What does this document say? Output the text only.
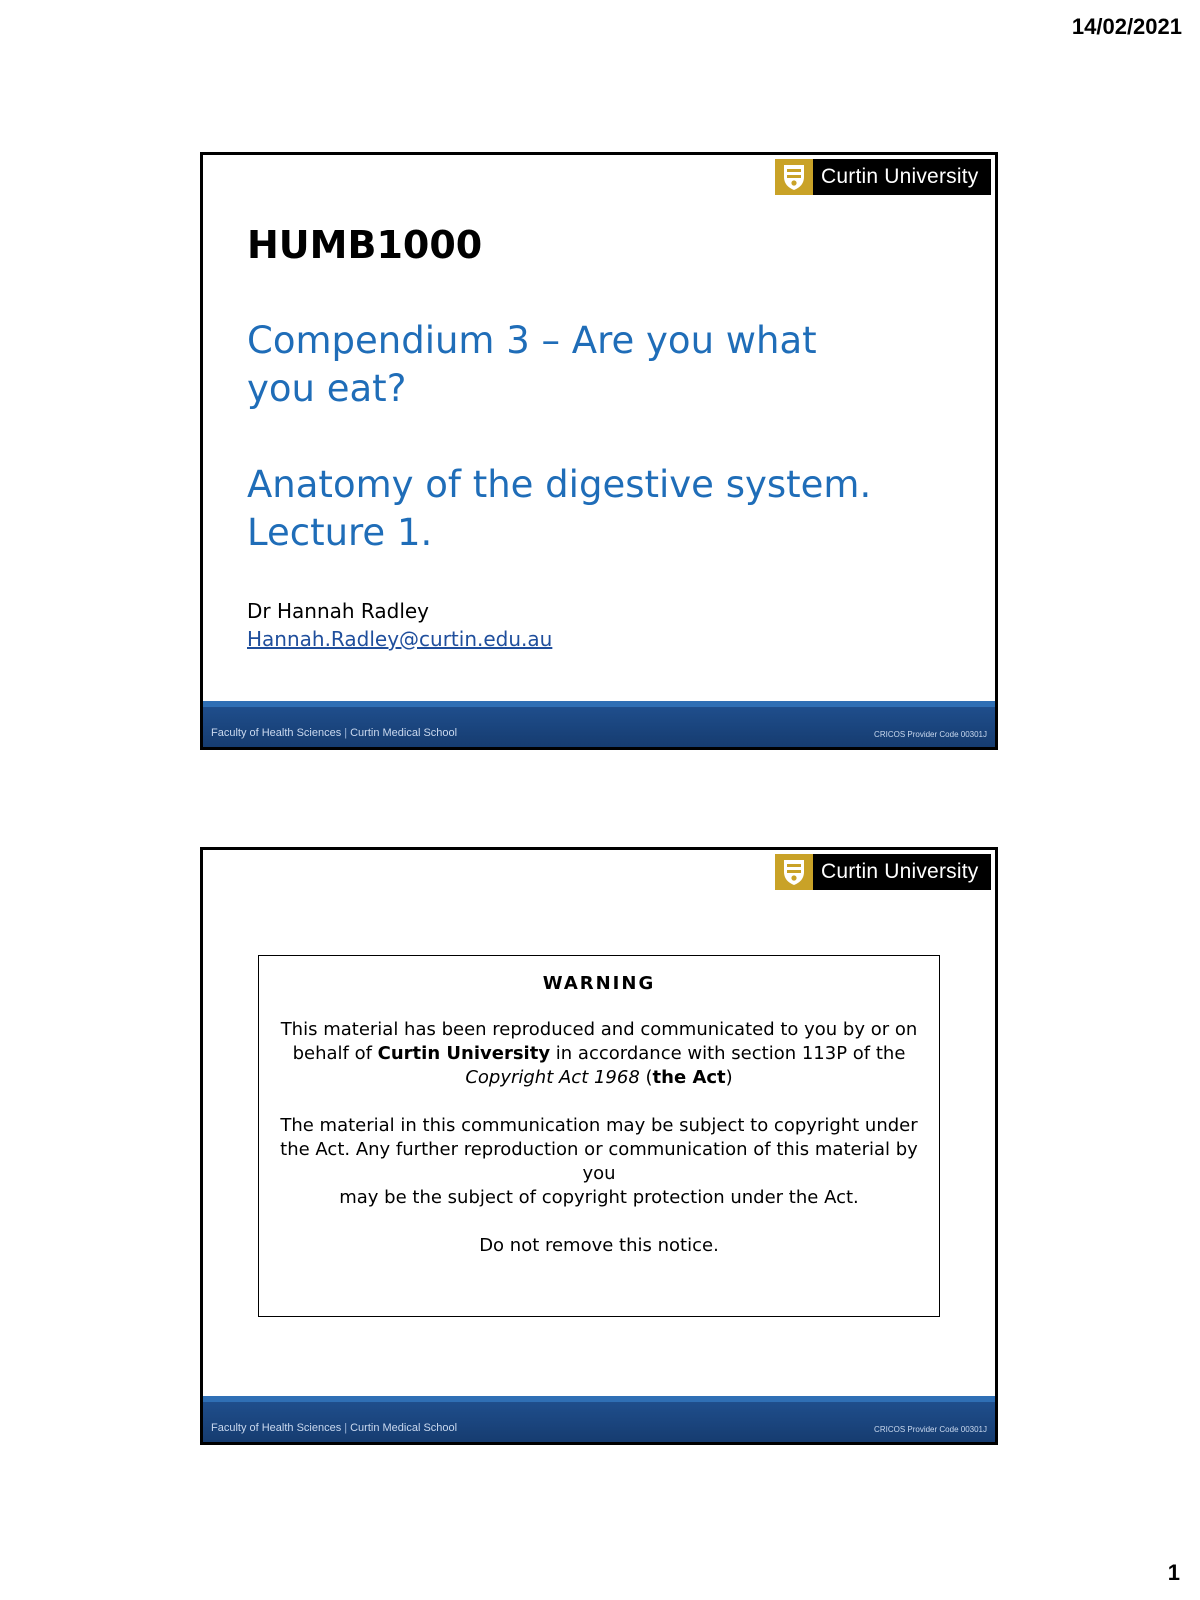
14/02/2021
Curtin University
HUMB1000

Compendium 3 – Are you what
you eat?

Anatomy of the digestive system.
Lecture 1.

Dr Hannah Radley
Hannah.Radley@curtin.edu.au
Faculty of Health Sciences | Curtin Medical School	CRICOS Provider Code 00301J
Curtin University
WARNING

This material has been reproduced and communicated to you by or on
behalf of Curtin University in accordance with section 113P of the Copyright Act 1968 (the Act)

The material in this communication may be subject to copyright under the Act. Any further reproduction or communication of this material by you
may be the subject of copyright protection under the Act.

Do not remove this notice.

Faculty of Health Sciences | Curtin Medical School	CRICOS Provider Code 00301J
1
